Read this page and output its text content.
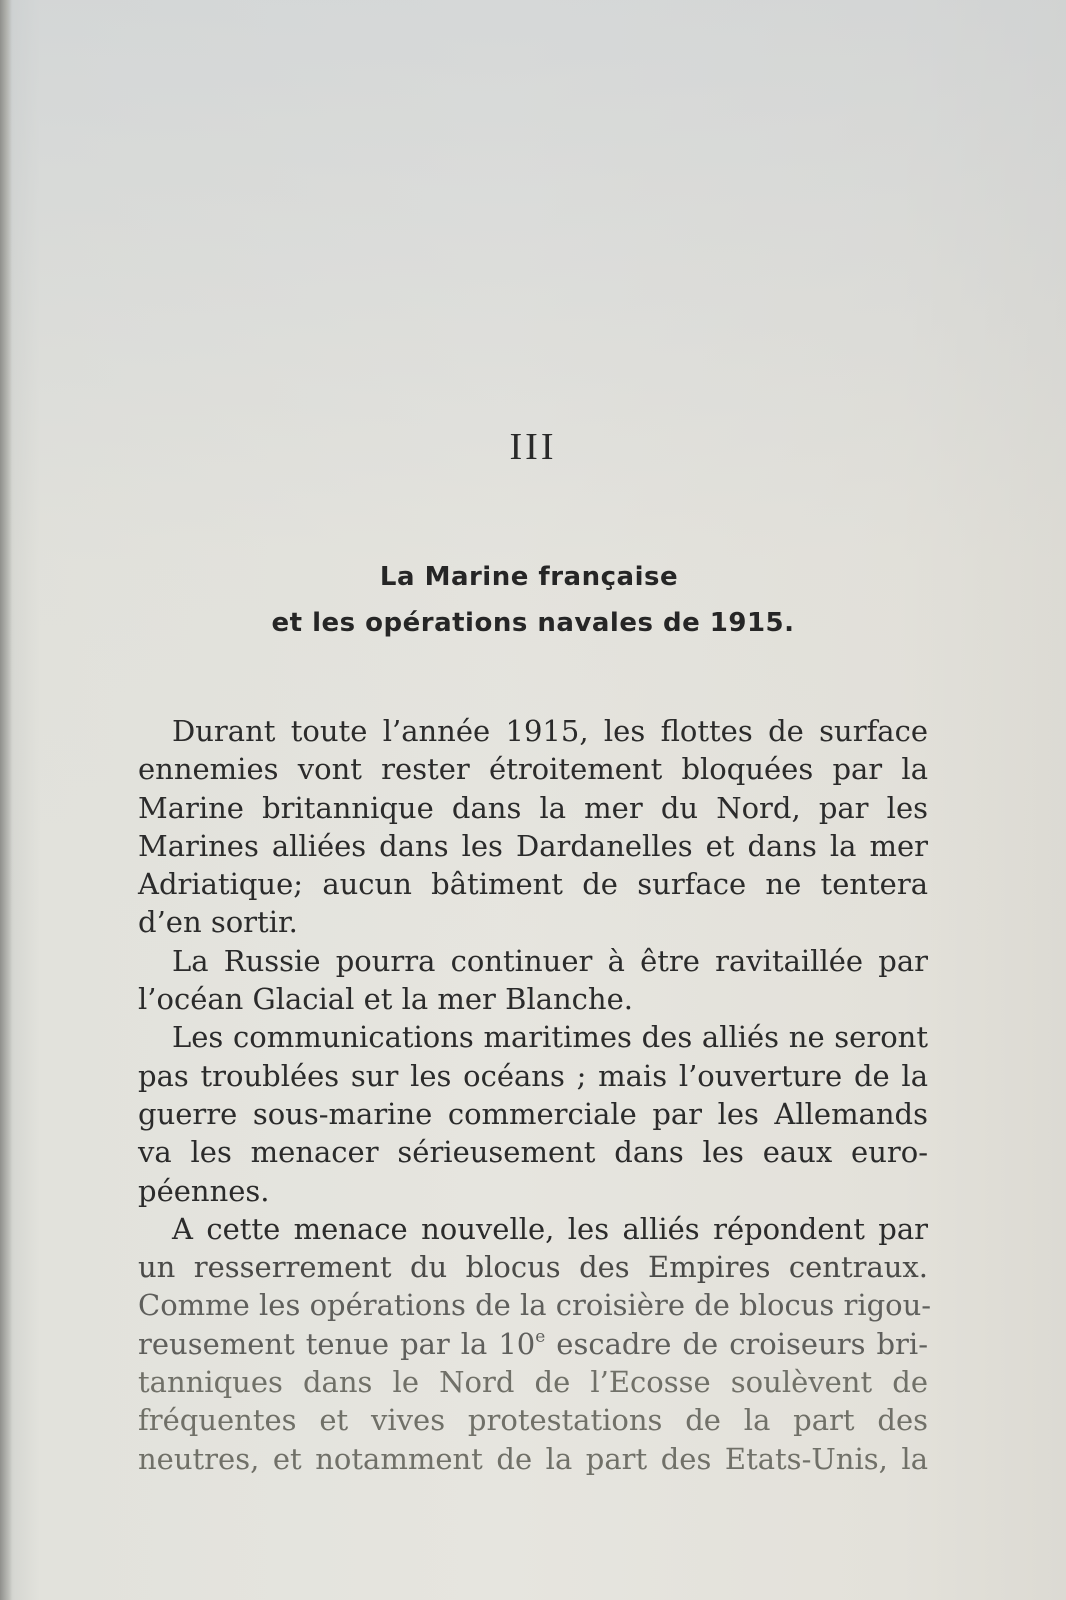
III
La Marine française
et les opérations navales de 1915.
Durant toute l’année 1915, les flottes de surface
ennemies vont rester étroitement bloquées par la
Marine britannique dans la mer du Nord, par les
Marines alliées dans les Dardanelles et dans la mer
Adriatique; aucun bâtiment de surface ne tentera
d’en sortir.
La Russie pourra continuer à être ravitaillée par
l’océan Glacial et la mer Blanche.
Les communications maritimes des alliés ne seront
pas troublées sur les océans ; mais l’ouverture de la
guerre sous-marine commerciale par les Allemands
va les menacer sérieusement dans les eaux euro-
péennes.
A cette menace nouvelle, les alliés répondent par
un resserrement du blocus des Empires centraux.
Comme les opérations de la croisière de blocus rigou-
reusement tenue par la 10e escadre de croiseurs bri-
tanniques dans le Nord de l’Ecosse soulèvent de
fréquentes et vives protestations de la part des
neutres, et notamment de la part des Etats-Unis, la
